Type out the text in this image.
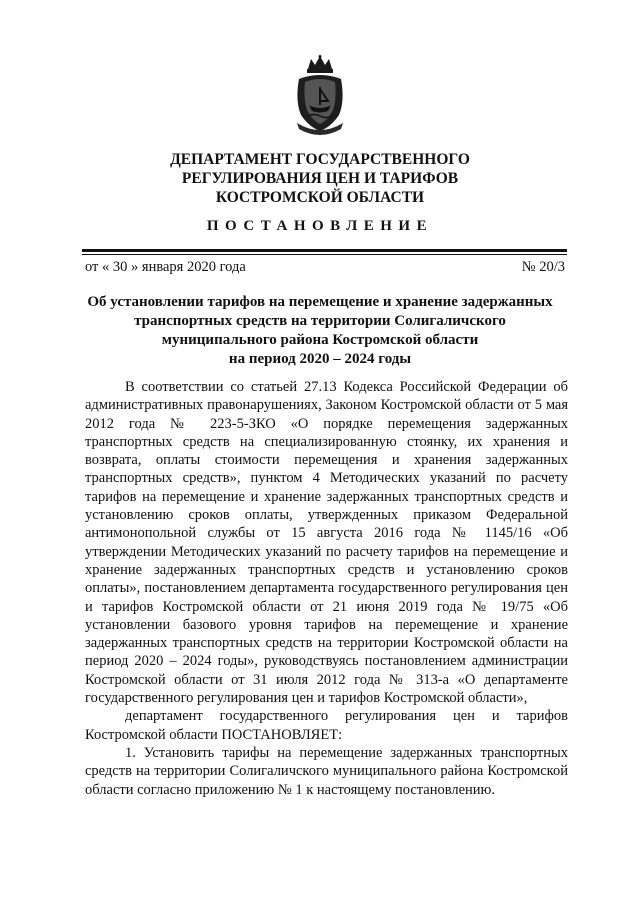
ДЕПАРТАМЕНТ ГОСУДАРСТВЕННОГО
РЕГУЛИРОВАНИЯ ЦЕН И ТАРИФОВ
КОСТРОМСКОЙ ОБЛАСТИ
ПОСТАНОВЛЕНИЕ
от « 30 » января 2020 года	№ 20/3
Об установлении тарифов на перемещение и хранение задержанных
транспортных средств на территории Солигаличского
муниципального района Костромской области
на период 2020 – 2024 годы

В соответствии со статьей 27.13 Кодекса Российской Федерации об административных правонарушениях, Законом Костромской области от 5 мая 2012 года № 223-5-ЗКО «О порядке перемещения задержанных транспортных средств на специализированную стоянку, их хранения и возврата, оплаты стоимости перемещения и хранения задержанных транспортных средств», пунктом 4 Методических указаний по расчету тарифов на перемещение и хранение задержанных транспортных средств и установлению сроков оплаты, утвержденных приказом Федеральной антимонопольной службы от 15 августа 2016 года № 1145/16 «Об утверждении Методических указаний по расчету тарифов на перемещение и хранение задержанных транспортных средств и установлению сроков оплаты», постановлением департамента государственного регулирования цен и тарифов Костромской области от 21 июня 2019 года № 19/75 «Об установлении базового уровня тарифов на перемещение и хранение задержанных транспортных средств на территории Костромской области на период 2020 – 2024 годы», руководствуясь постановлением администрации Костромской области от 31 июля 2012 года № 313-а «О департаменте государственного регулирования цен и тарифов Костромской области»,

департамент государственного регулирования цен и тарифов Костромской области ПОСТАНОВЛЯЕТ:

1. Установить тарифы на перемещение задержанных транспортных средств на территории Солигаличского муниципального района Костромской области согласно приложению № 1 к настоящему постановлению.
